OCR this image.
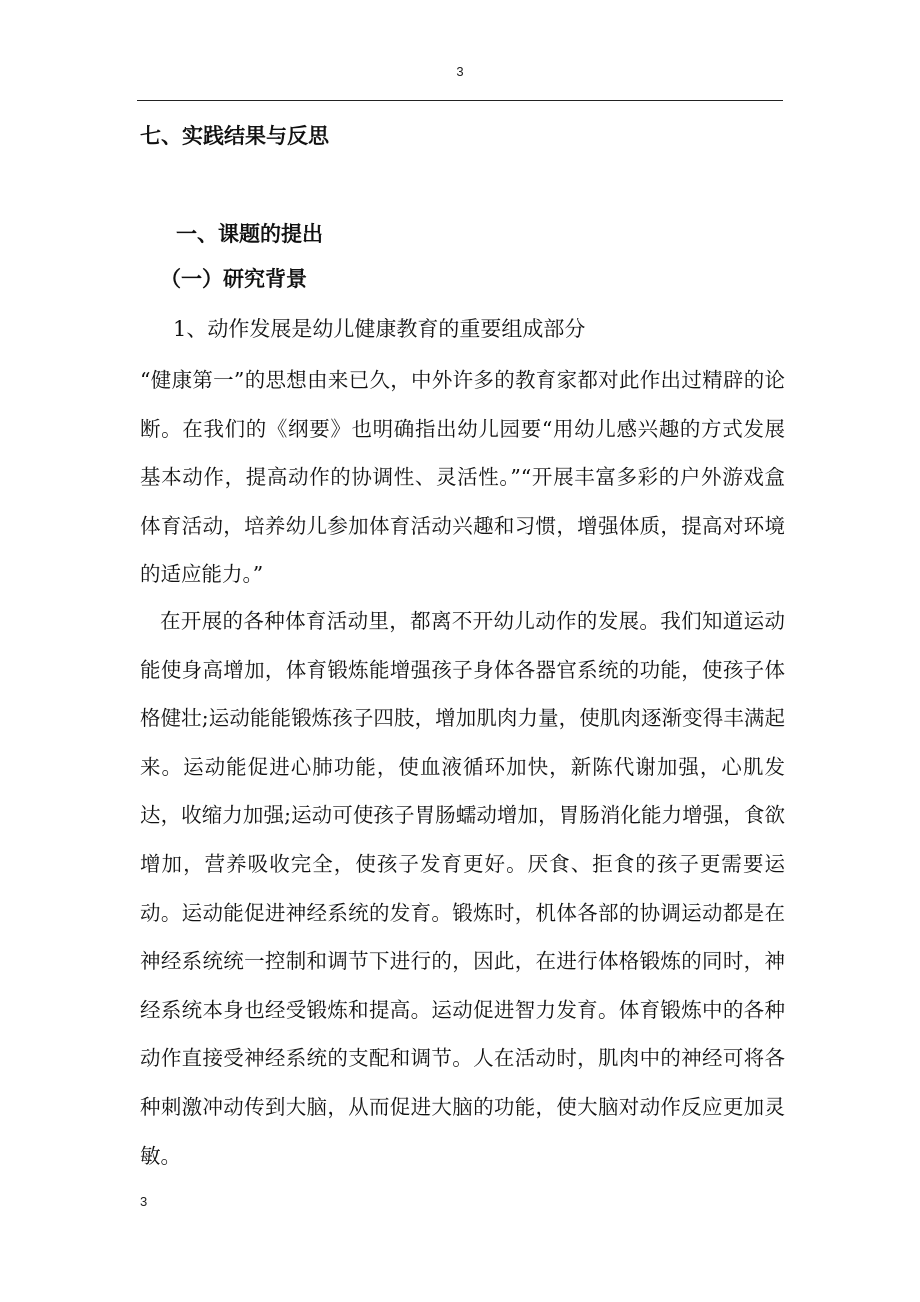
3
七、实践结果与反思
一、课题的提出
（一）研究背景
1、动作发展是幼儿健康教育的重要组成部分

“健康第一”的思想由来已久，中外许多的教育家都对此作出过精辟的论断。在我们的《纲要》也明确指出幼儿园要“用幼儿感兴趣的方式发展基本动作，提高动作的协调性、灵活性。”“开展丰富多彩的户外游戏盒体育活动，培养幼儿参加体育活动兴趣和习惯，增强体质，提高对环境的适应能力。”

在开展的各种体育活动里，都离不开幼儿动作的发展。我们知道运动能使身高增加，体育锻炼能增强孩子身体各器官系统的功能，使孩子体格健壮;运动能能锻炼孩子四肢，增加肌肉力量，使肌肉逐渐变得丰满起来。运动能促进心肺功能，使血液循环加快，新陈代谢加强，心肌发达，收缩力加强;运动可使孩子胃肠蠕动增加，胃肠消化能力增强，食欲增加，营养吸收完全，使孩子发育更好。厌食、拒食的孩子更需要运动。运动能促进神经系统的发育。锻炼时，机体各部的协调运动都是在神经系统统一控制和调节下进行的，因此，在进行体格锻炼的同时，神经系统本身也经受锻炼和提高。运动促进智力发育。体育锻炼中的各种动作直接受神经系统的支配和调节。人在活动时，肌肉中的神经可将各种刺激冲动传到大脑，从而促进大脑的功能，使大脑对动作反应更加灵敏。

3
